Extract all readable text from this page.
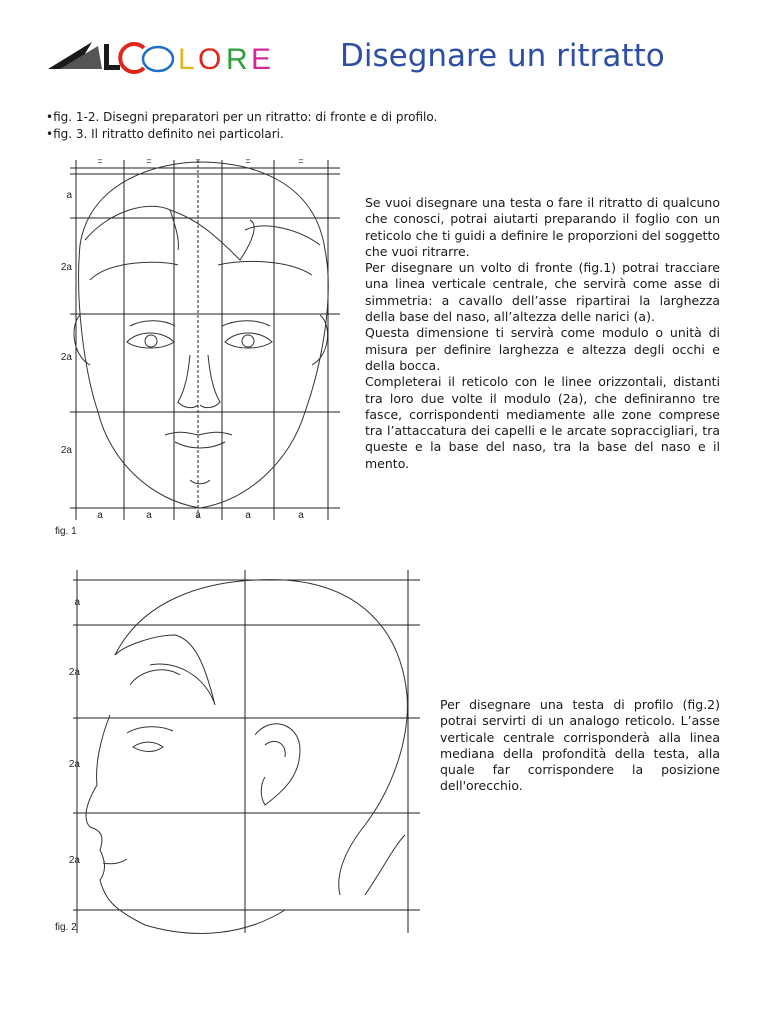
L O R E Disegnare un ritratto
•fig. 1-2. Disegni preparatori per un ritratto: di fronte e di profilo.
•fig. 3. Il ritratto definito nei particolari.
=	=	=	=	=
a
2a
2a
2a
a	a	a	a	a
fig. 1

Se vuoi disegnare una testa o fare il ritratto di qualcuno che conosci, potrai aiutarti preparando il foglio con un reticolo che ti guidi a definire le proporzioni del soggetto che vuoi ritrarre.

Per disegnare un volto di fronte (fig.1) potrai tracciare una linea verticale centrale, che servirà come asse di simmetria: a cavallo dell’asse ripartirai la larghezza della base del naso, all’altezza delle narici (a).

Questa dimensione ti servirà come modulo o unità di misura per definire larghezza e altezza degli occhi e della bocca.

Completerai il reticolo con le linee orizzontali, distanti tra loro due volte il modulo (2a), che definiranno tre fasce, corrispondenti mediamente alle zone comprese tra l’attaccatura dei capelli e le arcate sopraccigliari, tra queste e la base del naso, tra la base del naso e il mento.

a
2a
2a
2a
fig. 2

Per disegnare una testa di profilo (fig.2) potrai servirti di un analogo reticolo. L’asse verticale centrale corrisponderà alla linea mediana della profondità della testa, alla quale far corrispondere la posizione dell'orecchio.
